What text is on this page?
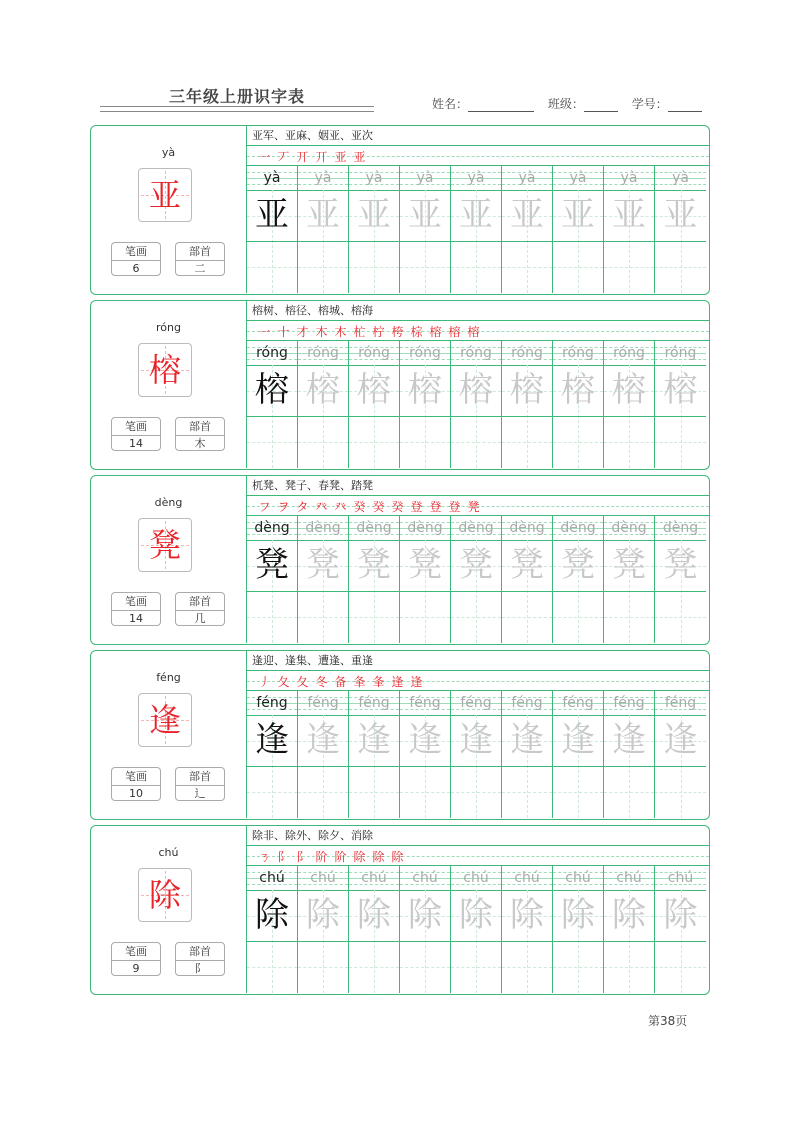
三年级上册识字表	姓名：	班级：	学号：
yà
亚
笔画
6
部首
二
亚军、亚麻、姻亚、亚次
一 丆 丌 丌 亚 亚
yà
亚
yà
亚
yà
亚
yà
亚
yà
亚
yà
亚
yà
亚
yà
亚
yà
亚
róng
榕
笔画
14
部首
木
榕树、榕径、榕城、榕海
一 十 才 木 木 杧 柠 桍 棕 榕 榕 榕
róng
榕
róng
榕
róng
榕
róng
榕
róng
榕
róng
榕
róng
榕
róng
榕
róng
榕
dèng
凳
笔画
14
部首
几
杌凳、凳子、春凳、踏凳
フ ヲ タ 癶 癶 癸 癸 癸 登 登 登 凳
dèng
凳
dèng
凳
dèng
凳
dèng
凳
dèng
凳
dèng
凳
dèng
凳
dèng
凳
dèng
凳
féng
逢
笔画
10
部首
辶
逢迎、逢集、遭逢、重逢
丿 夂 夂 冬 备 夆 夆 逢 逢
féng
逢
féng
逢
féng
逢
féng
逢
féng
逢
féng
逢
féng
逢
féng
逢
féng
逢
chú
除
笔画
9
部首
阝
除非、除外、除夕、消除
ㄋ 阝 阝 阶 阶 除 除 除
chú
除
chú
除
chú
除
chú
除
chú
除
chú
除
chú
除
chú
除
chú
除
第38页
